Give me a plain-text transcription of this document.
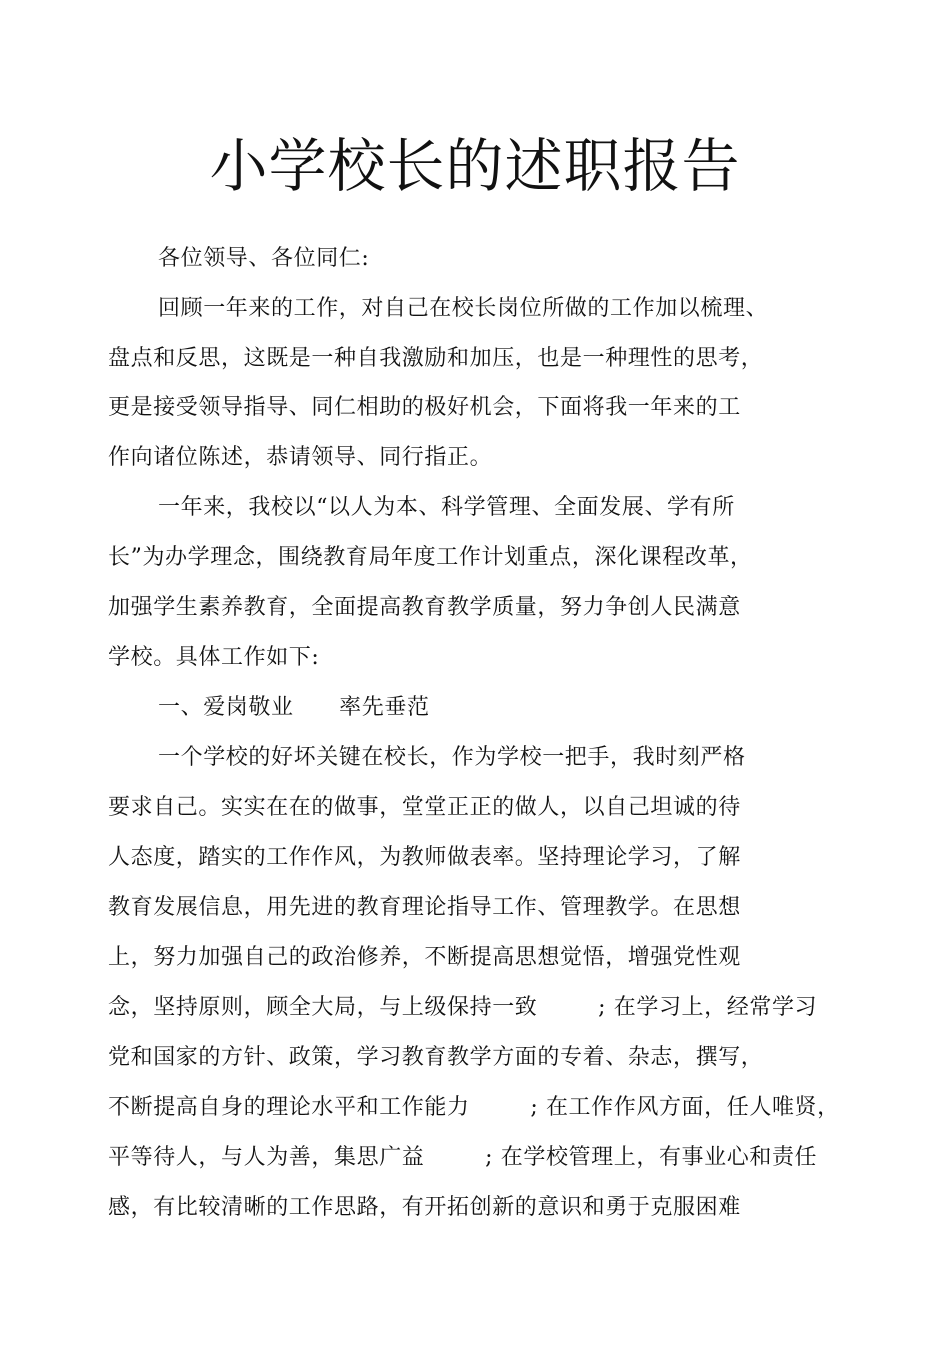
小学校长的述职报告
各位领导、各位同仁:
回顾一年来的工作，对自己在校长岗位所做的工作加以梳理、
盘点和反思，这既是一种自我激励和加压，也是一种理性的思考，
更是接受领导指导、同仁相助的极好机会，下面将我一年来的工
作向诸位陈述，恭请领导、同行指正。
一年来，我校以“以人为本、科学管理、全面发展、学有所
长”为办学理念，围绕教育局年度工作计划重点，深化课程改革，
加强学生素养教育，全面提高教育教学质量，努力争创人民满意
学校。具体工作如下:
一、爱岗敬业      率先垂范
一个学校的好坏关键在校长，作为学校一把手，我时刻严格
要求自己。实实在在的做事，堂堂正正的做人，以自己坦诚的待
人态度，踏实的工作作风，为教师做表率。坚持理论学习，了解
教育发展信息，用先进的教育理论指导工作、管理教学。在思想
上，努力加强自己的政治修养，不断提高思想觉悟，增强党性观
念，坚持原则，顾全大局，与上级保持一致        ; 在学习上，经常学习
党和国家的方针、政策，学习教育教学方面的专着、杂志，撰写，
不断提高自身的理论水平和工作能力        ; 在工作作风方面，任人唯贤，
平等待人，与人为善，集思广益        ; 在学校管理上，有事业心和责任
感，有比较清晰的工作思路，有开拓创新的意识和勇于克服困难
